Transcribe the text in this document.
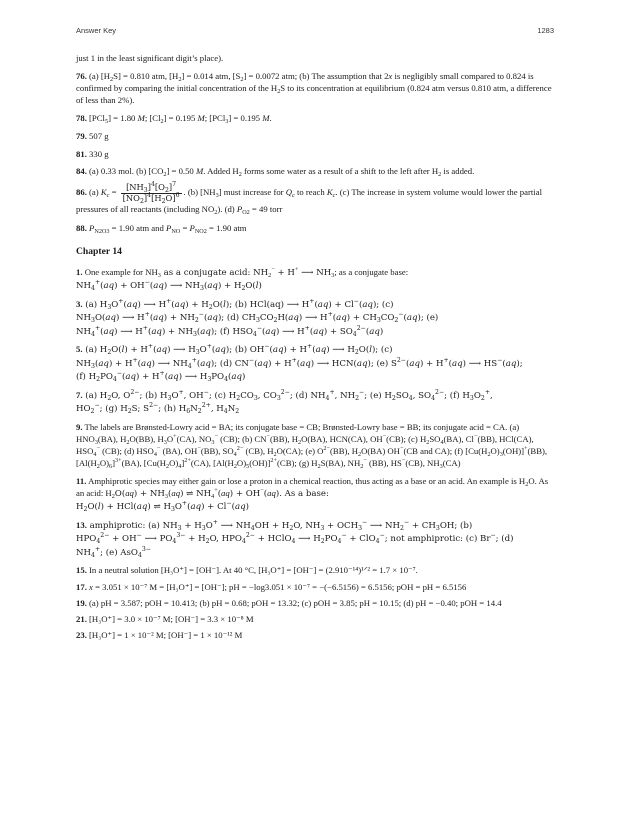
Answer Key	1283

just 1 in the least significant digit’s place).

76. (a) $[H_2S] = 0.810$ atm, $[H_2] = 0.014$ atm, $[S_2] = 0.0072$ atm; (b) The assumption that 2x is negligibly small compared to 0.824 is confirmed by comparing the initial concentration of the $H_2S$ to its concentration at equilibrium (0.824 atm versus 0.810 atm, a difference of less than 2%).

78. [PCl$_5$] = 1.80 M; $[Cl_2] = 0.195$ M; [PCl$_3$] = 0.195 M.

79. 507 g

81. 330 g

84. (a) 0.33 mol. (b) $[CO_2] = 0.50$ M. Added $H_2$ forms some water as a result of a shift to the left after $H_2$ is added.

86. (a) $K_c = \frac{[NH_3]^4[O_2]^7}{[NO_2]^4[H_2O]^6}$ . (b) $[NH_3]$ must increase for $Q_c$ to reach $K_c$. (c) The increase in system volume would lower the partial pressures of all reactants (including $NO_2$). (d) $P_{O2} = 49$ torr

88. $P_{N2O3} = 1.90$ atm and $P_{NO} = P_{NO2} = 1.90$ atm

Chapter 14

1. One example for $NH_3$ as a conjugate acid: $NH_2^- + H^+$ ⟶ $NH_3$; as a conjugate base:
$NH_4^+(aq) + OH^-(aq)$ ⟶ $NH_3(aq) + H_2O(l)$

3. (a) $H_3O^+(aq)$ ⟶ $H^+(aq) + H_2O(l)$; (b) HCl(aq) ⟶ H+(aq) + Cl−(aq); (c)
$NH_3O(aq)$ ⟶ $H^+(aq) + NH_2^-(aq)$; (d) $CH_3CO_2H(aq)$ ⟶ $H^+(aq) + CH_3CO_2^-(aq)$; (e)
$NH_4^+(aq)$ ⟶ $H^+(aq) + NH_3(aq)$; (f) $HSO_4^-(aq)$ ⟶ $H^+(aq) + SO_4^{2-}(aq)$

5. (a) $H_2O(l) + H^+(aq)$ ⟶ $H_3O^+(aq)$; (b) OH−(aq) + H+(aq) ⟶ $H_2O(l)$; (c)
$NH_3(aq) + H^+(aq)$ ⟶ $NH_4^+(aq)$; (d) CN−(aq) + H+(aq) ⟶ HCN(aq); (e) $S^{2-}(aq) + H^+(aq)$ ⟶ HS−(aq);
(f) $H_2PO_4^-(aq) + H^+(aq)$ ⟶ $H_3PO_4(aq)$

7. (a) $H_2O$, $O^{2-}$; (b) $H_3O^+$, OH−; (c) $H_2CO_3$, $CO_3^{2-}$; (d) $NH_4^+$, $NH_2^-$; (e) $H_2SO_4$, $SO_4^{2-}$; (f) $H_3O_2^+$,
$HO_2^-$; (g) $H_2S$; $S^{2-}$; (h) $H_6N_2^{2+}$, $H_4N_2$

9. The labels are Brønsted-Lowry acid = BA; its conjugate base = CB; Brønsted-Lowry base = BB; its conjugate acid = CA. (a) $HNO_3(BA)$, $H_2O(BB)$, $H_3O^+(CA)$, $NO_3^-$ (CB); (b) CN−(BB), $H_2O(BA)$, HCN(CA), OH−(CB); (c) $H_2SO_4(BA)$, Cl−(BB), HCl(CA), $HSO_4^-$ (CB); (d) $HSO_4^-$ (BA), OH−(BB), $SO_4^{2-}$ (CB), $H_2O(CA)$; (e) $O^{2-}(BB)$, $H_2O(BA)$ OH−(CB and CA); (f) $[Cu(H_2O)_3(OH)]^+(BB)$, $[Al(H_2O)_6]^{3+}(BA)$, $[Cu(H_2O)_4]^{2+}(CA)$, $[Al(H_2O)_5(OH)]^{2+}(CB)$; (g) $H_2S(BA)$, $NH_2^-$ (BB), HS−(CB), $NH_3(CA)$

11. Amphiprotic species may either gain or lose a proton in a chemical reaction, thus acting as a base or an acid. An example is $H_2O$. As an acid: $H_2O(aq) + NH_3(aq)$ ⇌ $NH_4^+(aq) + OH^-(aq)$. As a base:
$H_2O(l) + HCl(aq)$ ⇌ $H_3O^+(aq) + Cl^-(aq)$

13. amphiprotic: (a) $NH_3 + H_3O^+$ ⟶ $NH_4OH + H_2O$, $NH_3 + OCH_3^-$ ⟶ $NH_2^- + CH_3OH$; (b)
$HPO_4^{2-} + OH^-$ ⟶ $PO_4^{3-} + H_2O$, $HPO_4^{2-}$ + HClO$_4$ ⟶ $H_2PO_4^- + ClO_4^-$; not amphiprotic: (c) Br−; (d)
$NH_4^+$; (e) AsO$_4^{3-}$

15. In a neutral solution [H₃O⁺] = [OH⁻]. At 40 °C, [H₃O⁺] = [OH⁻] = (2.910⁻¹⁴)¹ᐟ² = 1.7 × 10⁻⁷.

17. x = 3.051 × 10⁻⁷ M = [H₃O⁺] = [OH⁻]; pH = −log3.051 × 10⁻⁷ = −(−6.5156) = 6.5156; pOH = pH = 6.5156

19. (a) pH = 3.587; pOH = 10.413; (b) pH = 0.68; pOH = 13.32; (c) pOH = 3.85; pH = 10.15; (d) pH = −0.40; pOH = 14.4

21. [H₃O⁺] = 3.0 × 10⁻⁷ M; [OH⁻] = 3.3 × 10⁻⁸ M

23. [H₃O⁺] = 1 × 10⁻² M; [OH⁻] = 1 × 10⁻¹² M
